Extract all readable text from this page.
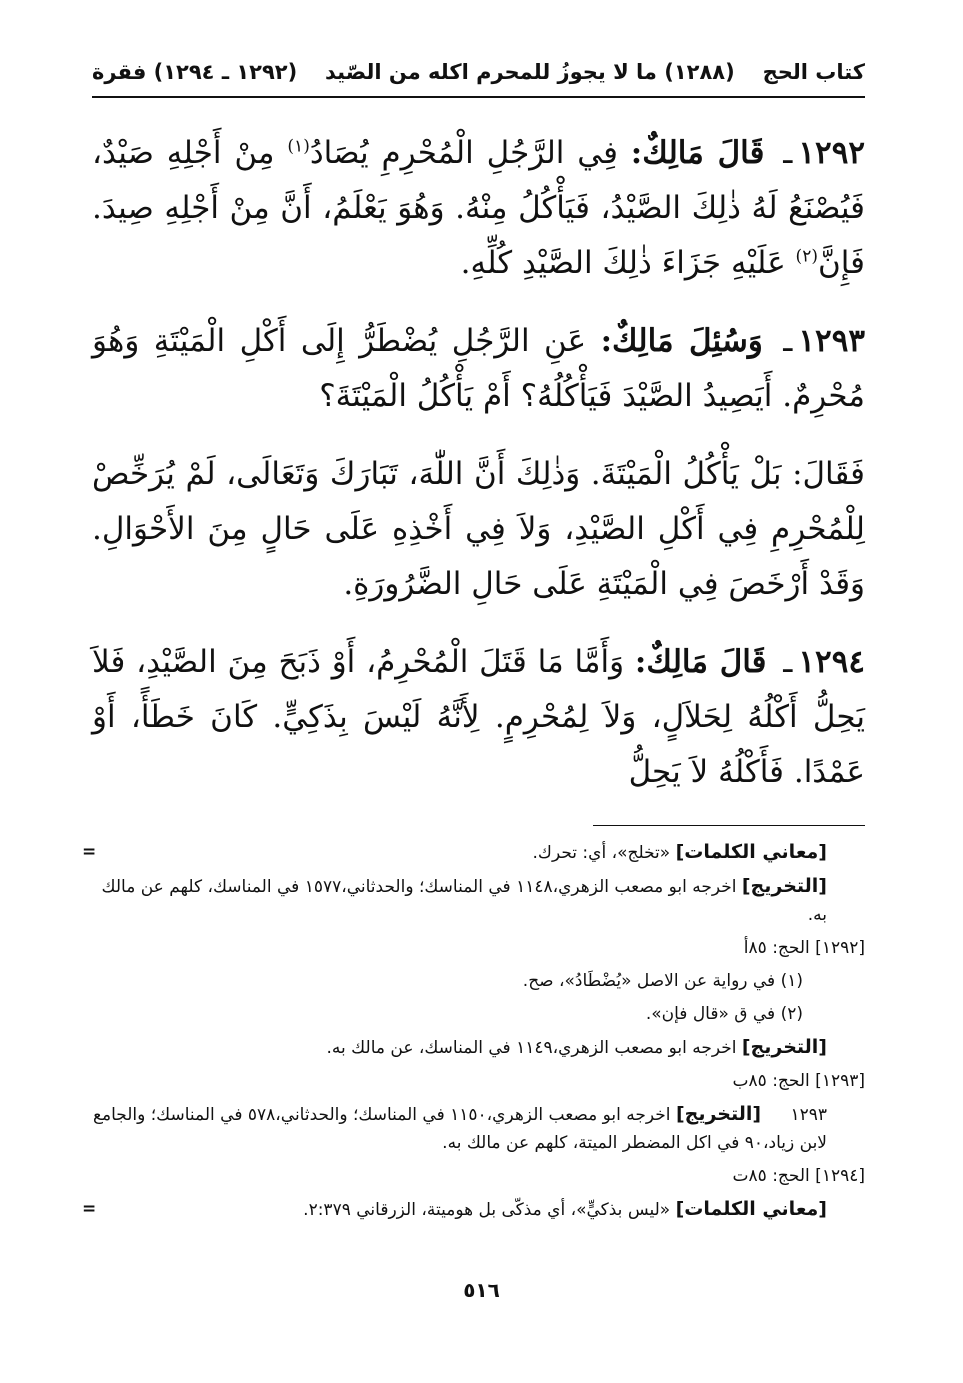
كتاب الحج
(١٢٨٨) ما لا يجوزُ للمحرم اكله من الصّيد
(١٢٩٢ ـ ١٢٩٤) فقرة

١٢٩٢ـ قَالَ مَالِكٌ: فِي الرَّجُلِ الْمُحْرِمِ يُصَادُ$^{(١)}$ مِنْ أَجْلِهِ صَيْدٌ، فَيُصْنَعُ لَهُ ذٰلِكَ الصَّيْدُ، فَيَأْكُلُ مِنْهُ. وَهُوَ يَعْلَمُ، أَنَّ مِنْ أَجْلِهِ صِيدَ. فَإِنَّ$^{(٢)}$ عَلَيْهِ جَزَاءَ ذٰلِكَ الصَّيْدِ كُلِّهِ.

١٢٩٣ـ وَسُئِلَ مَالِكٌ: عَنِ الرَّجُلِ يُضْطَرُّ إِلَى أَكْلِ الْمَيْتَةِ وَهُوَ مُحْرِمٌ. أَيَصِيدُ الصَّيْدَ فَيَأْكُلُهُ؟ أَمْ يَأْكُلُ الْمَيْتَةَ؟

فَقَالَ: بَلْ يَأْكُلُ الْمَيْتَةَ. وَذٰلِكَ أَنَّ اللّٰهَ، تَبَارَكَ وَتَعَالَى، لَمْ يُرَخِّصْ لِلْمُحْرِمِ فِي أَكْلِ الصَّيْدِ، وَلاَ فِي أَخْذِهِ عَلَى حَالٍ مِنَ الأَحْوَالِ. وَقَدْ أَرْخَصَ فِي الْمَيْتَةِ عَلَى حَالِ الضَّرُورَةِ.

١٢٩٤ـ قَالَ مَالِكٌ: وَأَمَّا مَا قَتَلَ الْمُحْرِمُ، أَوْ ذَبَحَ مِنَ الصَّيْدِ، فَلاَ يَحِلُّ أَكْلُهُ لِحَلاَلٍ، وَلاَ لِمُحْرِمٍ. لِأَنَّهُ لَيْسَ بِذَكِيٍّ. كَانَ خَطَأً، أَوْ عَمْدًا. فَأَكْلُهُ لاَ يَحِلُّ

=	[معاني الكلمات] «تخلج»، أي: تحرك.
[التخريج] اخرجه ابو مصعب الزهري،١١٤٨ في المناسك؛ والحدثاني،١٥٧٧ في المناسك، كلهم عن مالك به.
[١٢٩٢] الحج: ٨٥أ
(١) في رواية عن الاصل «يُضْطَادُ»، صح.
(٢) في ق «قال فإن».
[التخريج] اخرجه ابو مصعب الزهري،١١٤٩ في المناسك، عن مالك به.
[١٢٩٣] الحج: ٨٥ب
١٢٩٣ [التخريج] اخرجه ابو مصعب الزهري،١١٥٠ في المناسك؛ والحدثاني،٥٧٨ في المناسك؛ والجامع لابن زياد،٩٠ في اكل المضطر الميتة، كلهم عن مالك به.
[١٢٩٤] الحج: ٨٥ت
=	[معاني الكلمات] «ليس بذكيٍّ»، أي مذكّى بل هوميتة، الزرقاني ٢:٣٧٩.
٥١٦
